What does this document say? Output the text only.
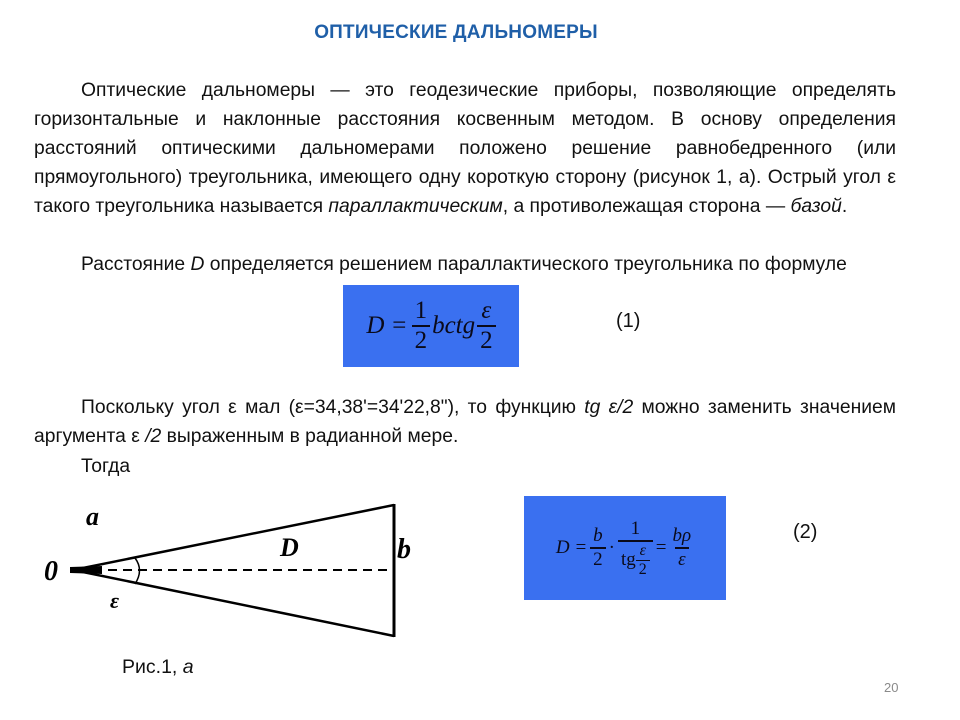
ОПТИЧЕСКИЕ ДАЛЬНОМЕРЫ

Оптические дальномеры — это геодезические приборы, позволяющие определять горизонтальные и наклонные расстояния косвенным методом. В основу определения расстояний оптическими дальномерами положено решение равнобедренного (или прямоугольного) треугольника, имеющего одну короткую сторону (рисунок 1, а). Острый угол ε такого треугольника называется параллактическим, а противолежащая сторона — базой.

Расстояние D определяется решением параллактического треугольника по формуле

$D = \frac{1}{2}$ bctg $\frac{\varepsilon}{2}$	(1)

Поскольку угол ε мал (ε=34,38'=34'22,8"), то функцию tg ε/2 можно заменить значением аргумента ε /2 выраженным в радианной мере.

Тогда

$D = \frac{b}{2} \cdot \frac{1}{tg \frac{\varepsilon}{2}} = \frac{b\rho}{\varepsilon}$	(2)
a
D	b
0
ε
Рис.1, а
20
